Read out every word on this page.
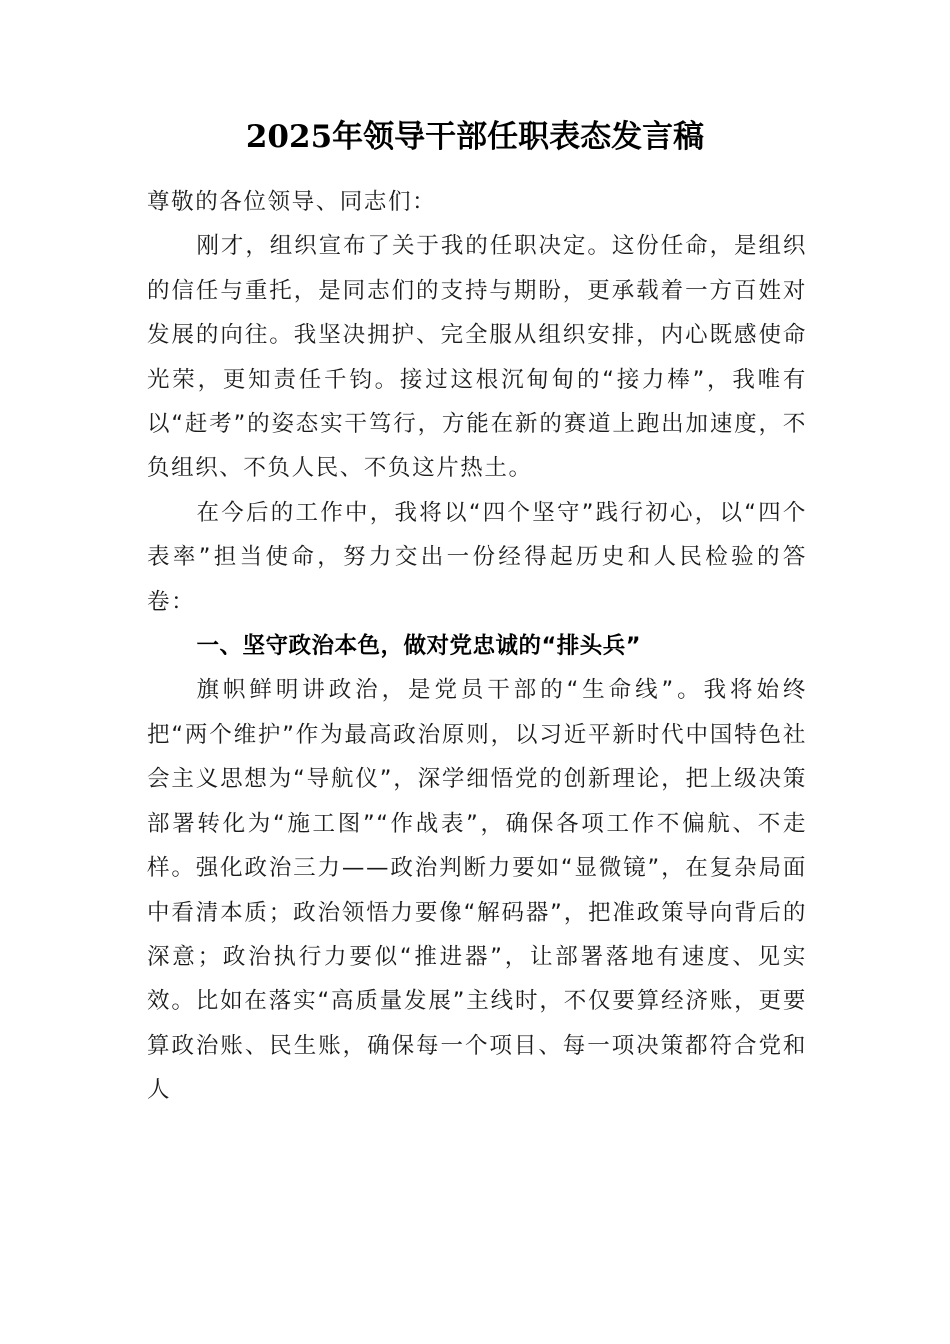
2025年领导干部任职表态发言稿

尊敬的各位领导、同志们：

刚才，组织宣布了关于我的任职决定。这份任命，是组织的信任与重托，是同志们的支持与期盼，更承载着一方百姓对发展的向往。我坚决拥护、完全服从组织安排，内心既感使命光荣，更知责任千钧。接过这根沉甸甸的“接力棒”，我唯有以“赶考”的姿态实干笃行，方能在新的赛道上跑出加速度，不负组织、不负人民、不负这片热土。

在今后的工作中，我将以“四个坚守”践行初心，以“四个表率”担当使命，努力交出一份经得起历史和人民检验的答卷：

一、坚守政治本色，做对党忠诚的“排头兵”

旗帜鲜明讲政治，是党员干部的“生命线”。我将始终把“两个维护”作为最高政治原则，以习近平新时代中国特色社会主义思想为“导航仪”，深学细悟党的创新理论，把上级决策部署转化为“施工图”“作战表”，确保各项工作不偏航、不走样。强化政治三力——政治判断力要如“显微镜”，在复杂局面中看清本质；政治领悟力要像“解码器”，把准政策导向背后的深意；政治执行力要似“推进器”，让部署落地有速度、见实效。比如在落实“高质量发展”主线时，不仅要算经济账，更要算政治账、民生账，确保每一个项目、每一项决策都符合党和人
